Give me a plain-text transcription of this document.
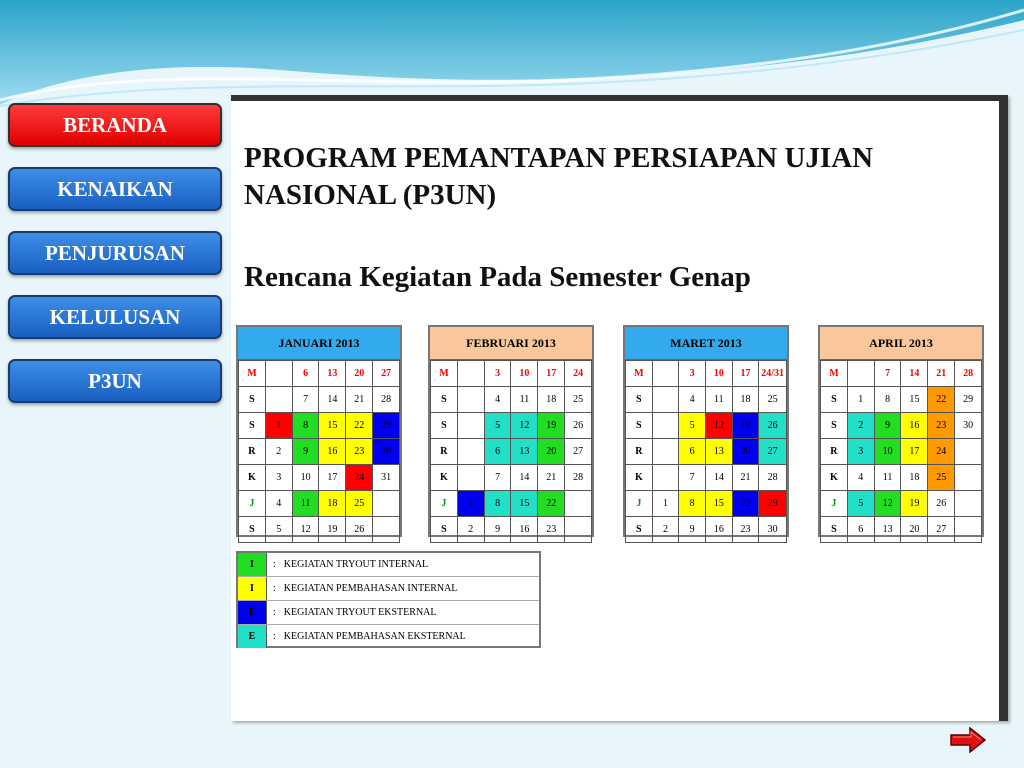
BERANDA
KENAIKAN
PENJURUSAN
KELULUSAN
P3UN
PROGRAM PEMANTAPAN PERSIAPAN UJIAN NASIONAL (P3UN)
Rencana Kegiatan Pada Semester Genap
JANUARI 2013
M		6	13	20	27
S		7	14	21	28
S	1	8	15	22	29
R	2	9	16	23	30
K	3	10	17	24	31
J	4	11	18	25	
S	5	12	19	26	
FEBRUARI 2013
M		3	10	17	24
S		4	11	18	25
S		5	12	19	26
R		6	13	20	27
K		7	14	21	28
J	1	8	15	22	
S	2	9	16	23	
MARET 2013
M		3	10	17	24/31
S		4	11	18	25
S		5	12	19	26
R		6	13	20	27
K		7	14	21	28
J	1	8	15	22	29
S	2	9	16	23	30
APRIL 2013
M		7	14	21	28
S	1	8	15	22	29
S	2	9	16	23	30
R	3	10	17	24	
K	4	11	18	25	
J	5	12	19	26	
S	6	13	20	27	
I	: KEGIATAN TRYOUT INTERNAL
I	: KEGIATAN PEMBAHASAN INTERNAL
E	: KEGIATAN TRYOUT EKSTERNAL
E	: KEGIATAN PEMBAHASAN EKSTERNAL
